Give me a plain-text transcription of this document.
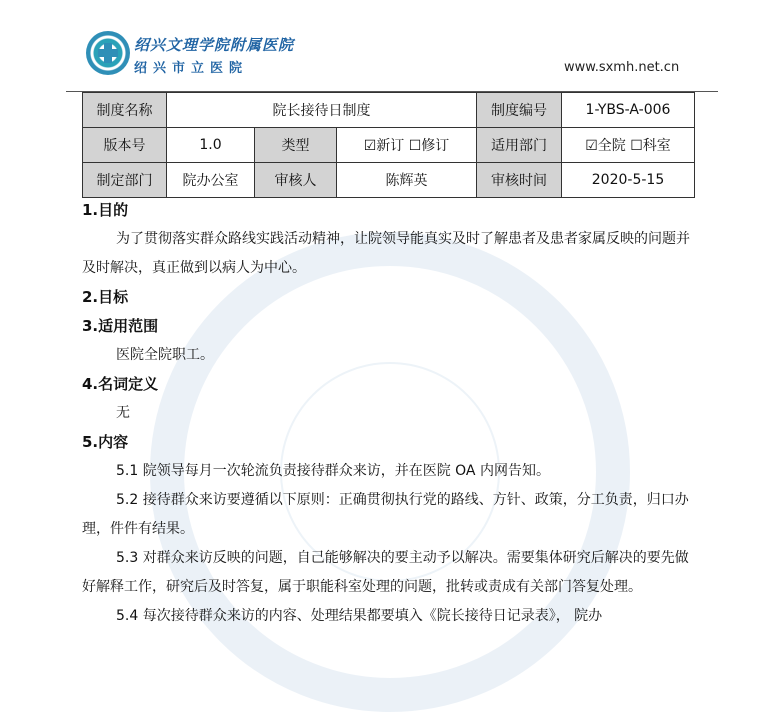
绍兴文理学院附属医院
绍兴市立医院	www.sxmh.net.cn
制度名称	院长接待日制度			制度编号	1-YBS-A-006
版本号	1.0	类型	☑新订 ☐修订	适用部门	☑全院 ☐科室
制定部门	院办公室	审核人	陈辉英	审核时间	2020-5-15
1.目的
为了贯彻落实群众路线实践活动精神，让院领导能真实及时了解患者及患者家属反映的问题并及时解决，真正做到以病人为中心。
2.目标
3.适用范围
医院全院职工。
4.名词定义
无
5.内容
5.1 院领导每月一次轮流负责接待群众来访，并在医院 OA 内网告知。
5.2 接待群众来访要遵循以下原则：正确贯彻执行党的路线、方针、政策，分工负责，归口办理，件件有结果。
5.3 对群众来访反映的问题，自己能够解决的要主动予以解决。需要集体研究后解决的要先做好解释工作，研究后及时答复，属于职能科室处理的问题，批转或责成有关部门答复处理。
5.4 每次接待群众来访的内容、处理结果都要填入《院长接待日记录表》， 院办
